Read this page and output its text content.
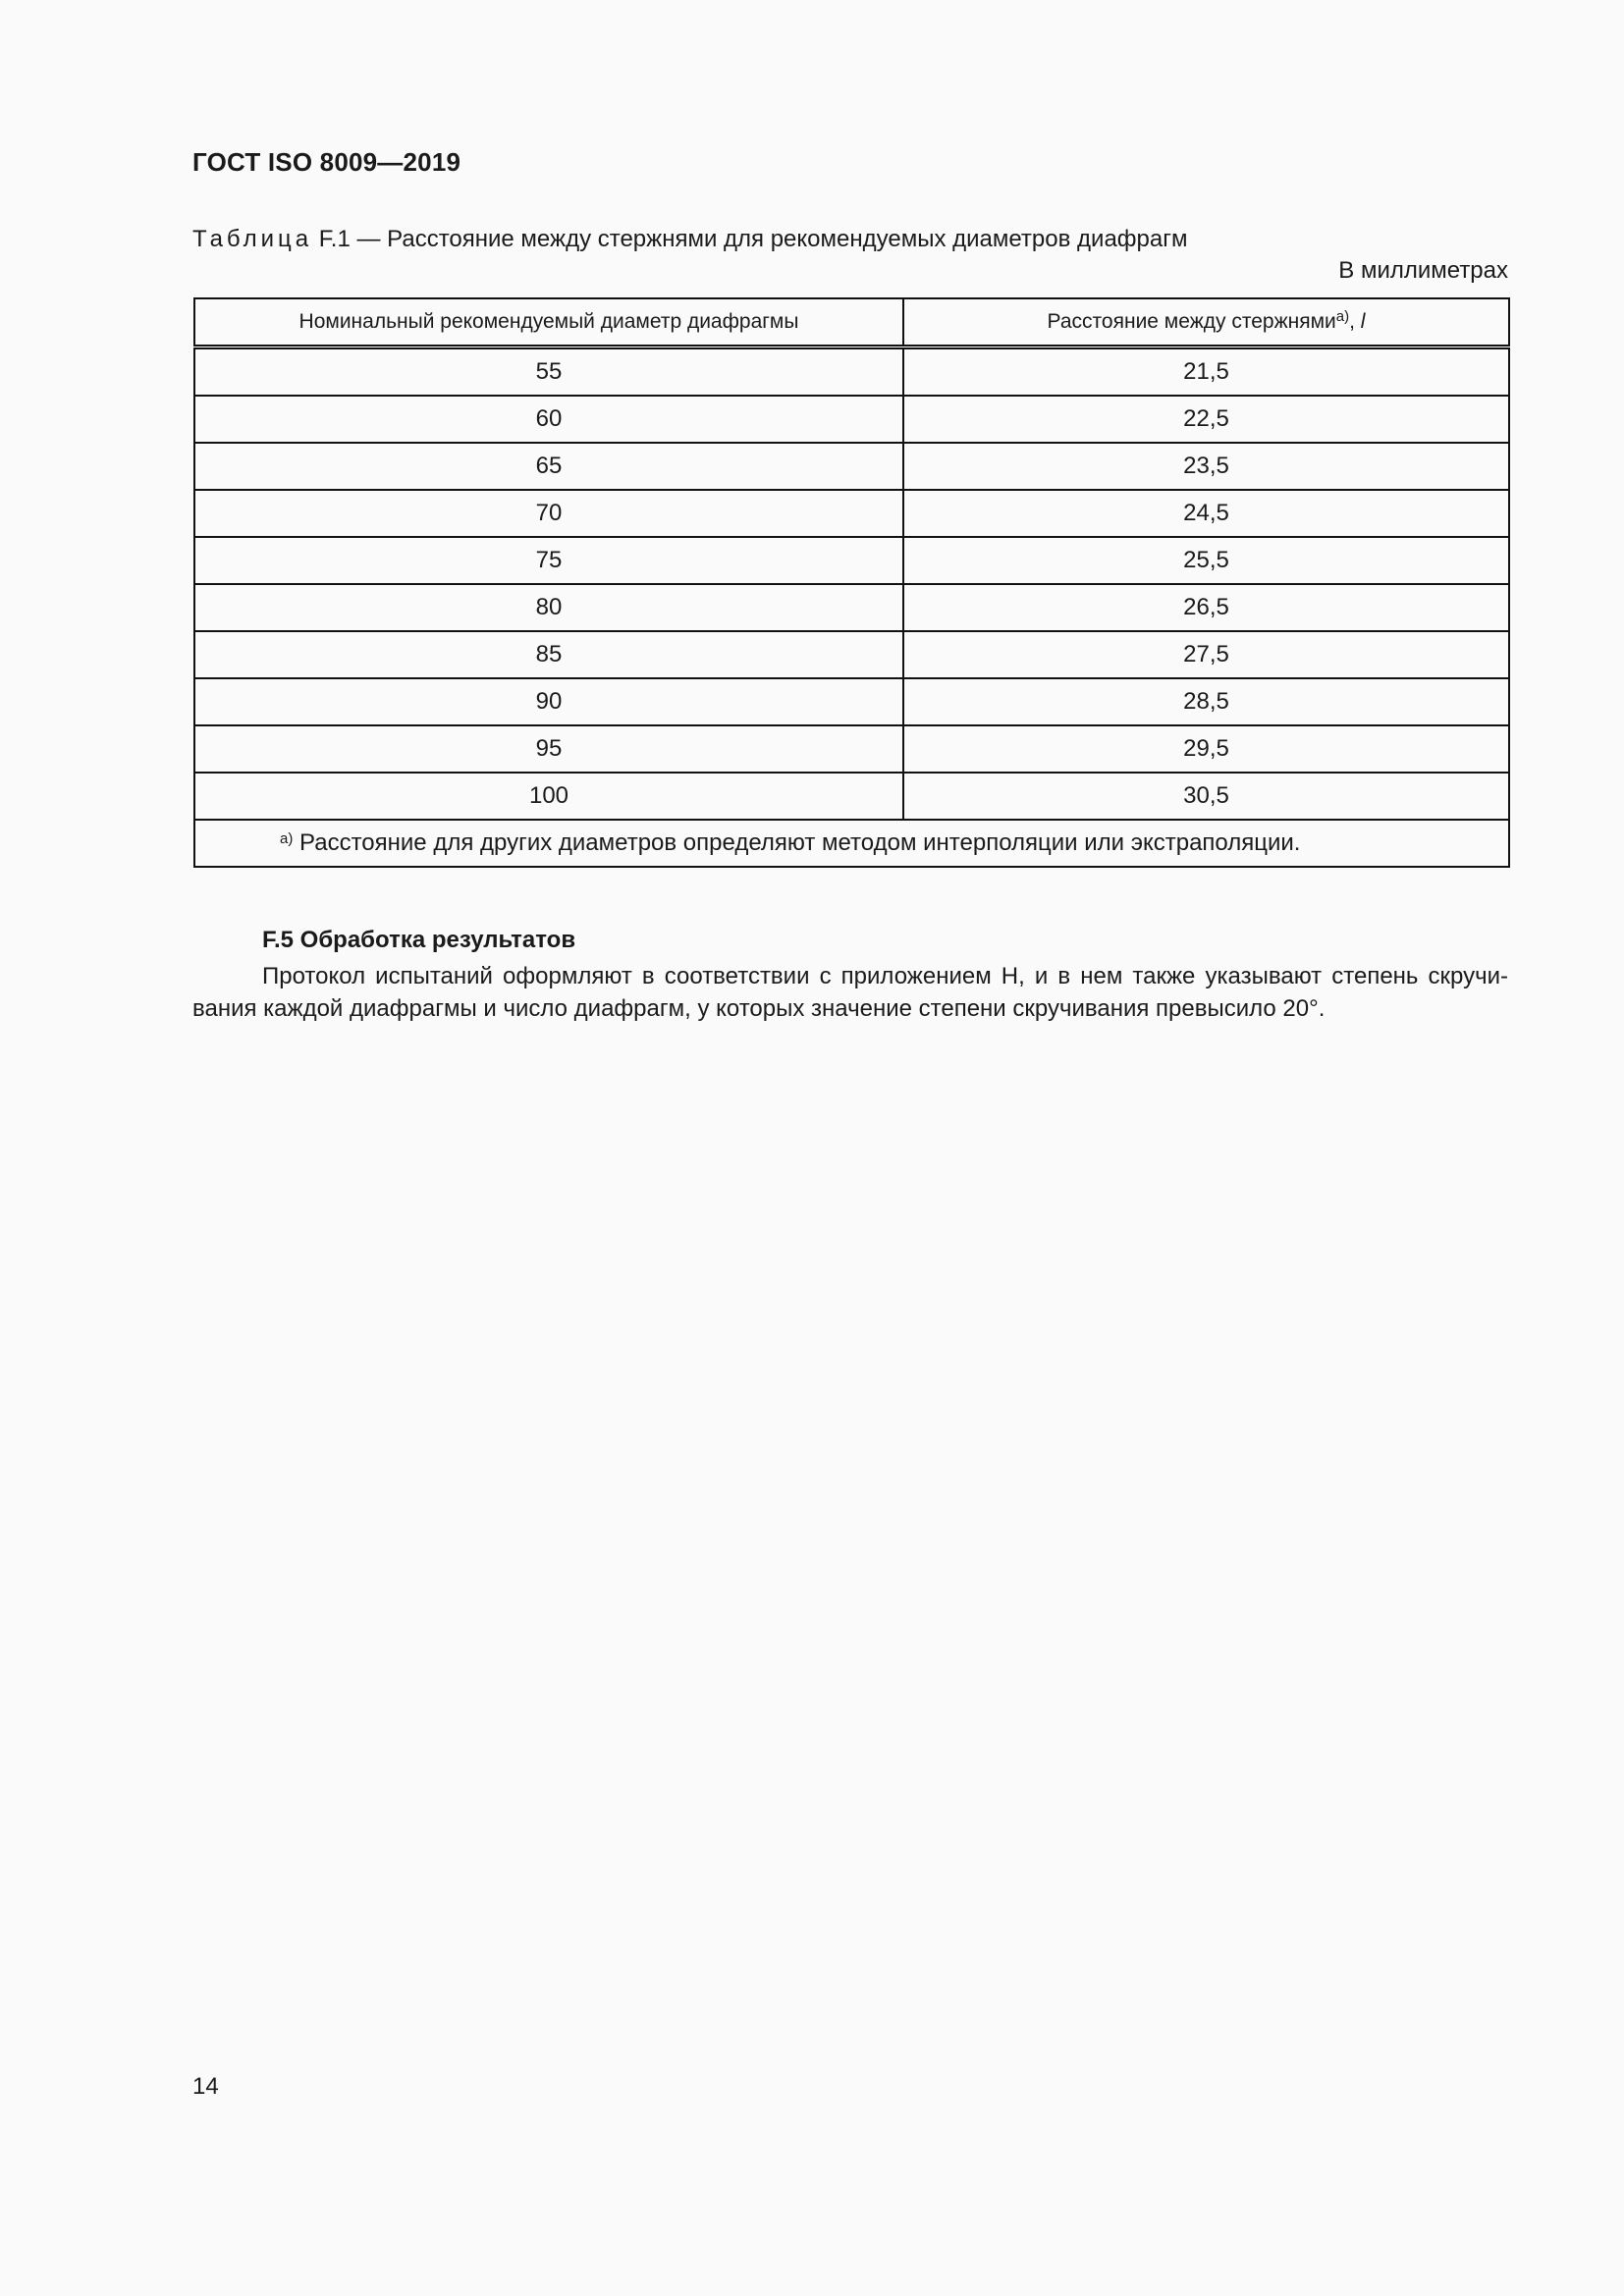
ГОСТ ISO 8009—2019
Таблица F.1 — Расстояние между стержнями для рекомендуемых диаметров диафрагм
В миллиметрах
Номинальный рекомендуемый диаметр диафрагмы	Расстояние между стержнями$^{а)}$, l
55	21,5
60	22,5
65	23,5
70	24,5
75	25,5
80	26,5
85	27,5
90	28,5
95	29,5
100	30,5
$^{а)}$ Расстояние для других диаметров определяют методом интерполяции или экстраполяции.	
F.5 Обработка результатов
Протокол испытаний оформляют в соответствии с приложением Н, и в нем также указывают степень скручи-
вания каждой диафрагмы и число диафрагм, у которых значение степени скручивания превысило 20°.
14
